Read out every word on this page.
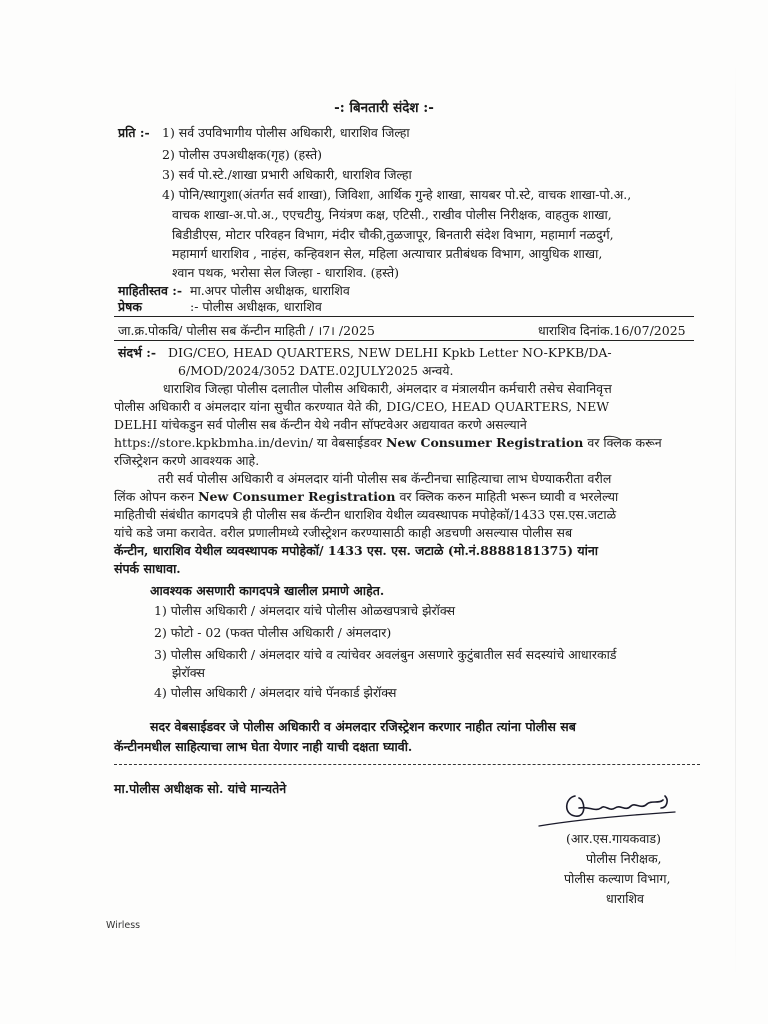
-: बिनतारी संदेश :-
प्रति :- 1) सर्व उपविभागीय पोलीस अधिकारी, धाराशिव जिल्हा
2) पोलीस उपअधीक्षक(गृह) (हस्ते)
3) सर्व पो.स्टे./शाखा प्रभारी अधिकारी, धाराशिव जिल्हा
4) पोनि/स्थागुशा(अंतर्गत सर्व शाखा), जिविशा, आर्थिक गुन्हे शाखा, सायबर पो.स्टे, वाचक शाखा-पो.अ.,
वाचक शाखा-अ.पो.अ., एएचटीयु, नियंत्रण कक्ष, एटिसी., राखीव पोलीस निरीक्षक, वाहतुक शाखा,
बिडीडीएस, मोटार परिवहन विभाग, मंदीर चौकी,तुळजापूर, बिनतारी संदेश विभाग, महामार्ग नळदुर्ग,
महामार्ग धाराशिव , नाहंस, कन्हिवशन सेल, महिला अत्याचार प्रतीबंधक विभाग, आयुधिक शाखा,
श्वान पथक, भरोसा सेल जिल्हा - धाराशिव. (हस्ते)
माहितीस्तव :- मा.अपर पोलीस अधीक्षक, धाराशिव
प्रेषक	:- पोलीस अधीक्षक, धाराशिव
जा.क्र.पोकवि/ पोलीस सब कॅन्टीन माहिती / ।7। /2025	धाराशिव दिनांक.16/07/2025
संदर्भ :- DIG/CEO, HEAD QUARTERS, NEW DELHI Kpkb Letter NO-KPKB/DA-
6/MOD/2024/3052 DATE.02JULY2025 अन्वये.
धाराशिव जिल्हा पोलीस दलातील पोलीस अधिकारी, अंमलदार व मंत्रालयीन कर्मचारी तसेच सेवानिवृत्त
पोलीस अधिकारी व अंमलदार यांना सुचीत करण्यात येते की, DIG/CEO, HEAD QUARTERS, NEW
DELHI यांचेकडुन सर्व पोलीस सब कॅन्टीन येथे नवीन सॉफ्टवेअर अद्ययावत करणे असल्याने
https://store.kpkbmha.in/devin/ या वेबसाईडवर New Consumer Registration वर क्लिक करून
रजिस्ट्रेशन करणे आवश्यक आहे.
तरी सर्व पोलीस अधिकारी व अंमलदार यांनी पोलीस सब कॅन्टीनचा साहित्याचा लाभ घेण्याकरीता वरील
लिंक ओपन करुन New Consumer Registration वर क्लिक करुन माहिती भरून घ्यावी व भरलेल्या
माहितीची संबंधीत कागदपत्रे ही पोलीस सब कॅन्टीन धाराशिव येथील व्यवस्थापक मपोहेकॉ/1433 एस.एस.जटाळे
यांचे कडे जमा करावेत. वरील प्रणालीमध्ये रजीस्ट्रेशन करण्यासाठी काही अडचणी असल्यास पोलीस सब
कॅन्टीन, धाराशिव येथील व्यवस्थापक मपोहेकॉ/ 1433 एस. एस. जटाळे (मो.नं.8888181375) यांना
संपर्क साधावा.
आवश्यक असणारी कागदपत्रे खालील प्रमाणे आहेत.
1) पोलीस अधिकारी / अंमलदार यांचे पोलीस ओळखपत्राचे झेरॉक्स
2) फोटो - 02 (फक्त पोलीस अधिकारी / अंमलदार)
3) पोलीस अधिकारी / अंमलदार यांचे व त्यांचेवर अवलंबुन असणारे कुटुंबातील सर्व सदस्यांचे आधारकार्ड
झेरॉक्स
4) पोलीस अधिकारी / अंमलदार यांचे पॅनकार्ड झेरॉक्स
सदर वेबसाईडवर जे पोलीस अधिकारी व अंमलदार रजिस्ट्रेशन करणार नाहीत त्यांना पोलीस सब
कॅन्टीनमधील साहित्याचा लाभ घेता येणार नाही याची दक्षता घ्यावी.
मा.पोलीस अधीक्षक सो. यांचे मान्यतेने
(आर.एस.गायकवाड)
पोलीस निरीक्षक,
पोलीस कल्याण विभाग,
धाराशिव
Wirless
